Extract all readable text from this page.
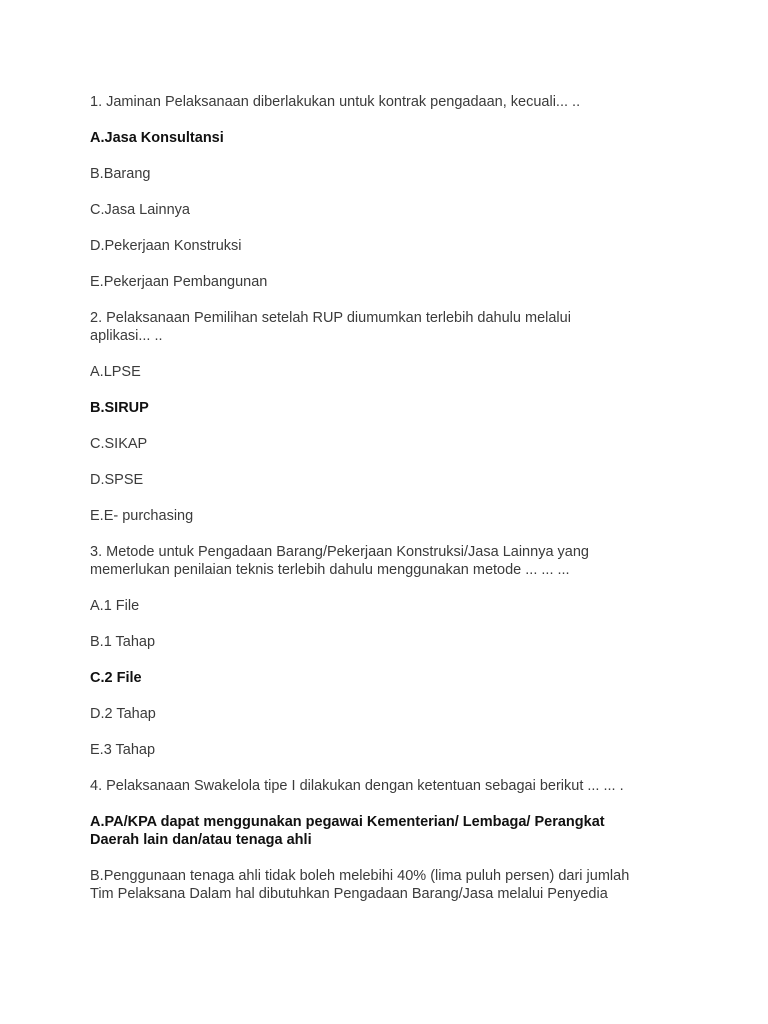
1. Jaminan Pelaksanaan diberlakukan untuk kontrak pengadaan, kecuali... ..
A.Jasa Konsultansi
B.Barang
C.Jasa Lainnya
D.Pekerjaan Konstruksi
E.Pekerjaan Pembangunan
2. Pelaksanaan Pemilihan setelah RUP diumumkan terlebih dahulu melalui
aplikasi... ..
A.LPSE
B.SIRUP
C.SIKAP
D.SPSE
E.E- purchasing
3. Metode untuk Pengadaan Barang/Pekerjaan Konstruksi/Jasa Lainnya yang
memerlukan penilaian teknis terlebih dahulu menggunakan metode ... ... ...
A.1 File
B.1 Tahap
C.2 File
D.2 Tahap
E.3 Tahap
4. Pelaksanaan Swakelola tipe I dilakukan dengan ketentuan sebagai berikut ... ... .
A.PA/KPA dapat menggunakan pegawai Kementerian/ Lembaga/ Perangkat
Daerah lain dan/atau tenaga ahli
B.Penggunaan tenaga ahli tidak boleh melebihi 40% (lima puluh persen) dari jumlah
Tim Pelaksana Dalam hal dibutuhkan Pengadaan Barang/Jasa melalui Penyedia
